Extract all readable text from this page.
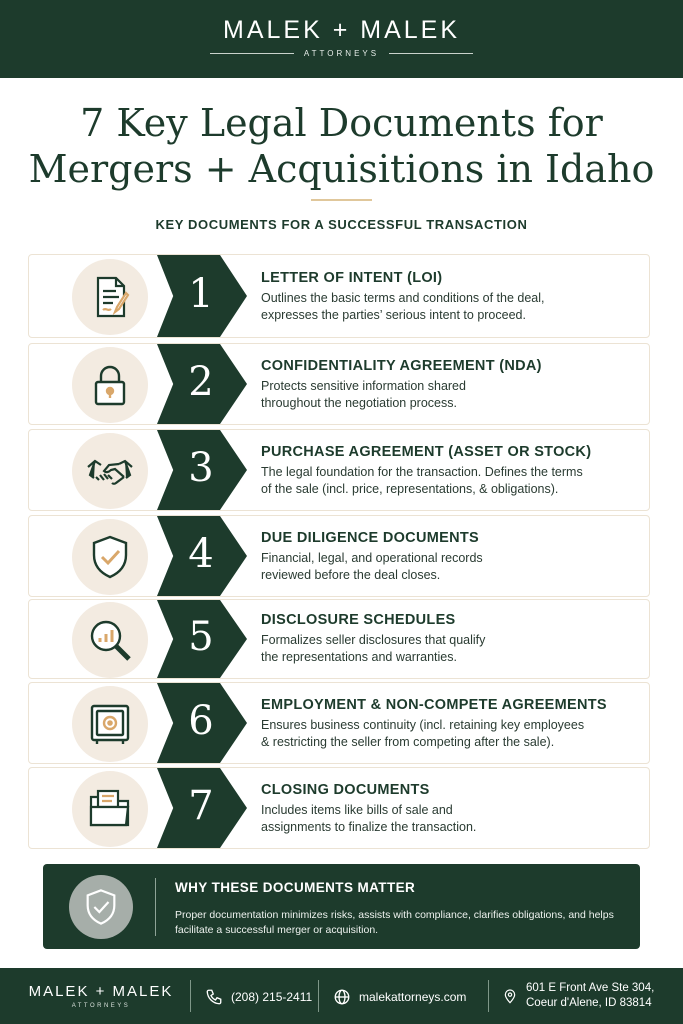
MALEK + MALEK
ATTORNEYS
7 Key Legal Documents for
Mergers + Acquisitions in Idaho
KEY DOCUMENTS FOR A SUCCESSFUL TRANSACTION
1	LETTER OF INTENT (LOI)
Outlines the basic terms and conditions of the deal,
expresses the parties’ serious intent to proceed.
2	CONFIDENTIALITY AGREEMENT (NDA)
Protects sensitive information shared
throughout the negotiation process.
3	PURCHASE AGREEMENT (ASSET OR STOCK)
The legal foundation for the transaction. Defines the terms
of the sale (incl. price, representations, & obligations).
4	DUE DILIGENCE DOCUMENTS
Financial, legal, and operational records
reviewed before the deal closes.
5	DISCLOSURE SCHEDULES
Formalizes seller disclosures that qualify
the representations and warranties.
6	EMPLOYMENT & NON-COMPETE AGREEMENTS
Ensures business continuity (incl. retaining key employees
& restricting the seller from competing after the sale).
7	CLOSING DOCUMENTS
Includes items like bills of sale and
assignments to finalize the transaction.
WHY THESE DOCUMENTS MATTER
Proper documentation minimizes risks, assists with compliance, clarifies obligations, and helps facilitate a successful merger or acquisition.
MALEK + MALEK
ATTORNEYS
(208) 215-2411	malekattorneys.com
601 E Front Ave Ste 304,
Coeur d'Alene, ID 83814
